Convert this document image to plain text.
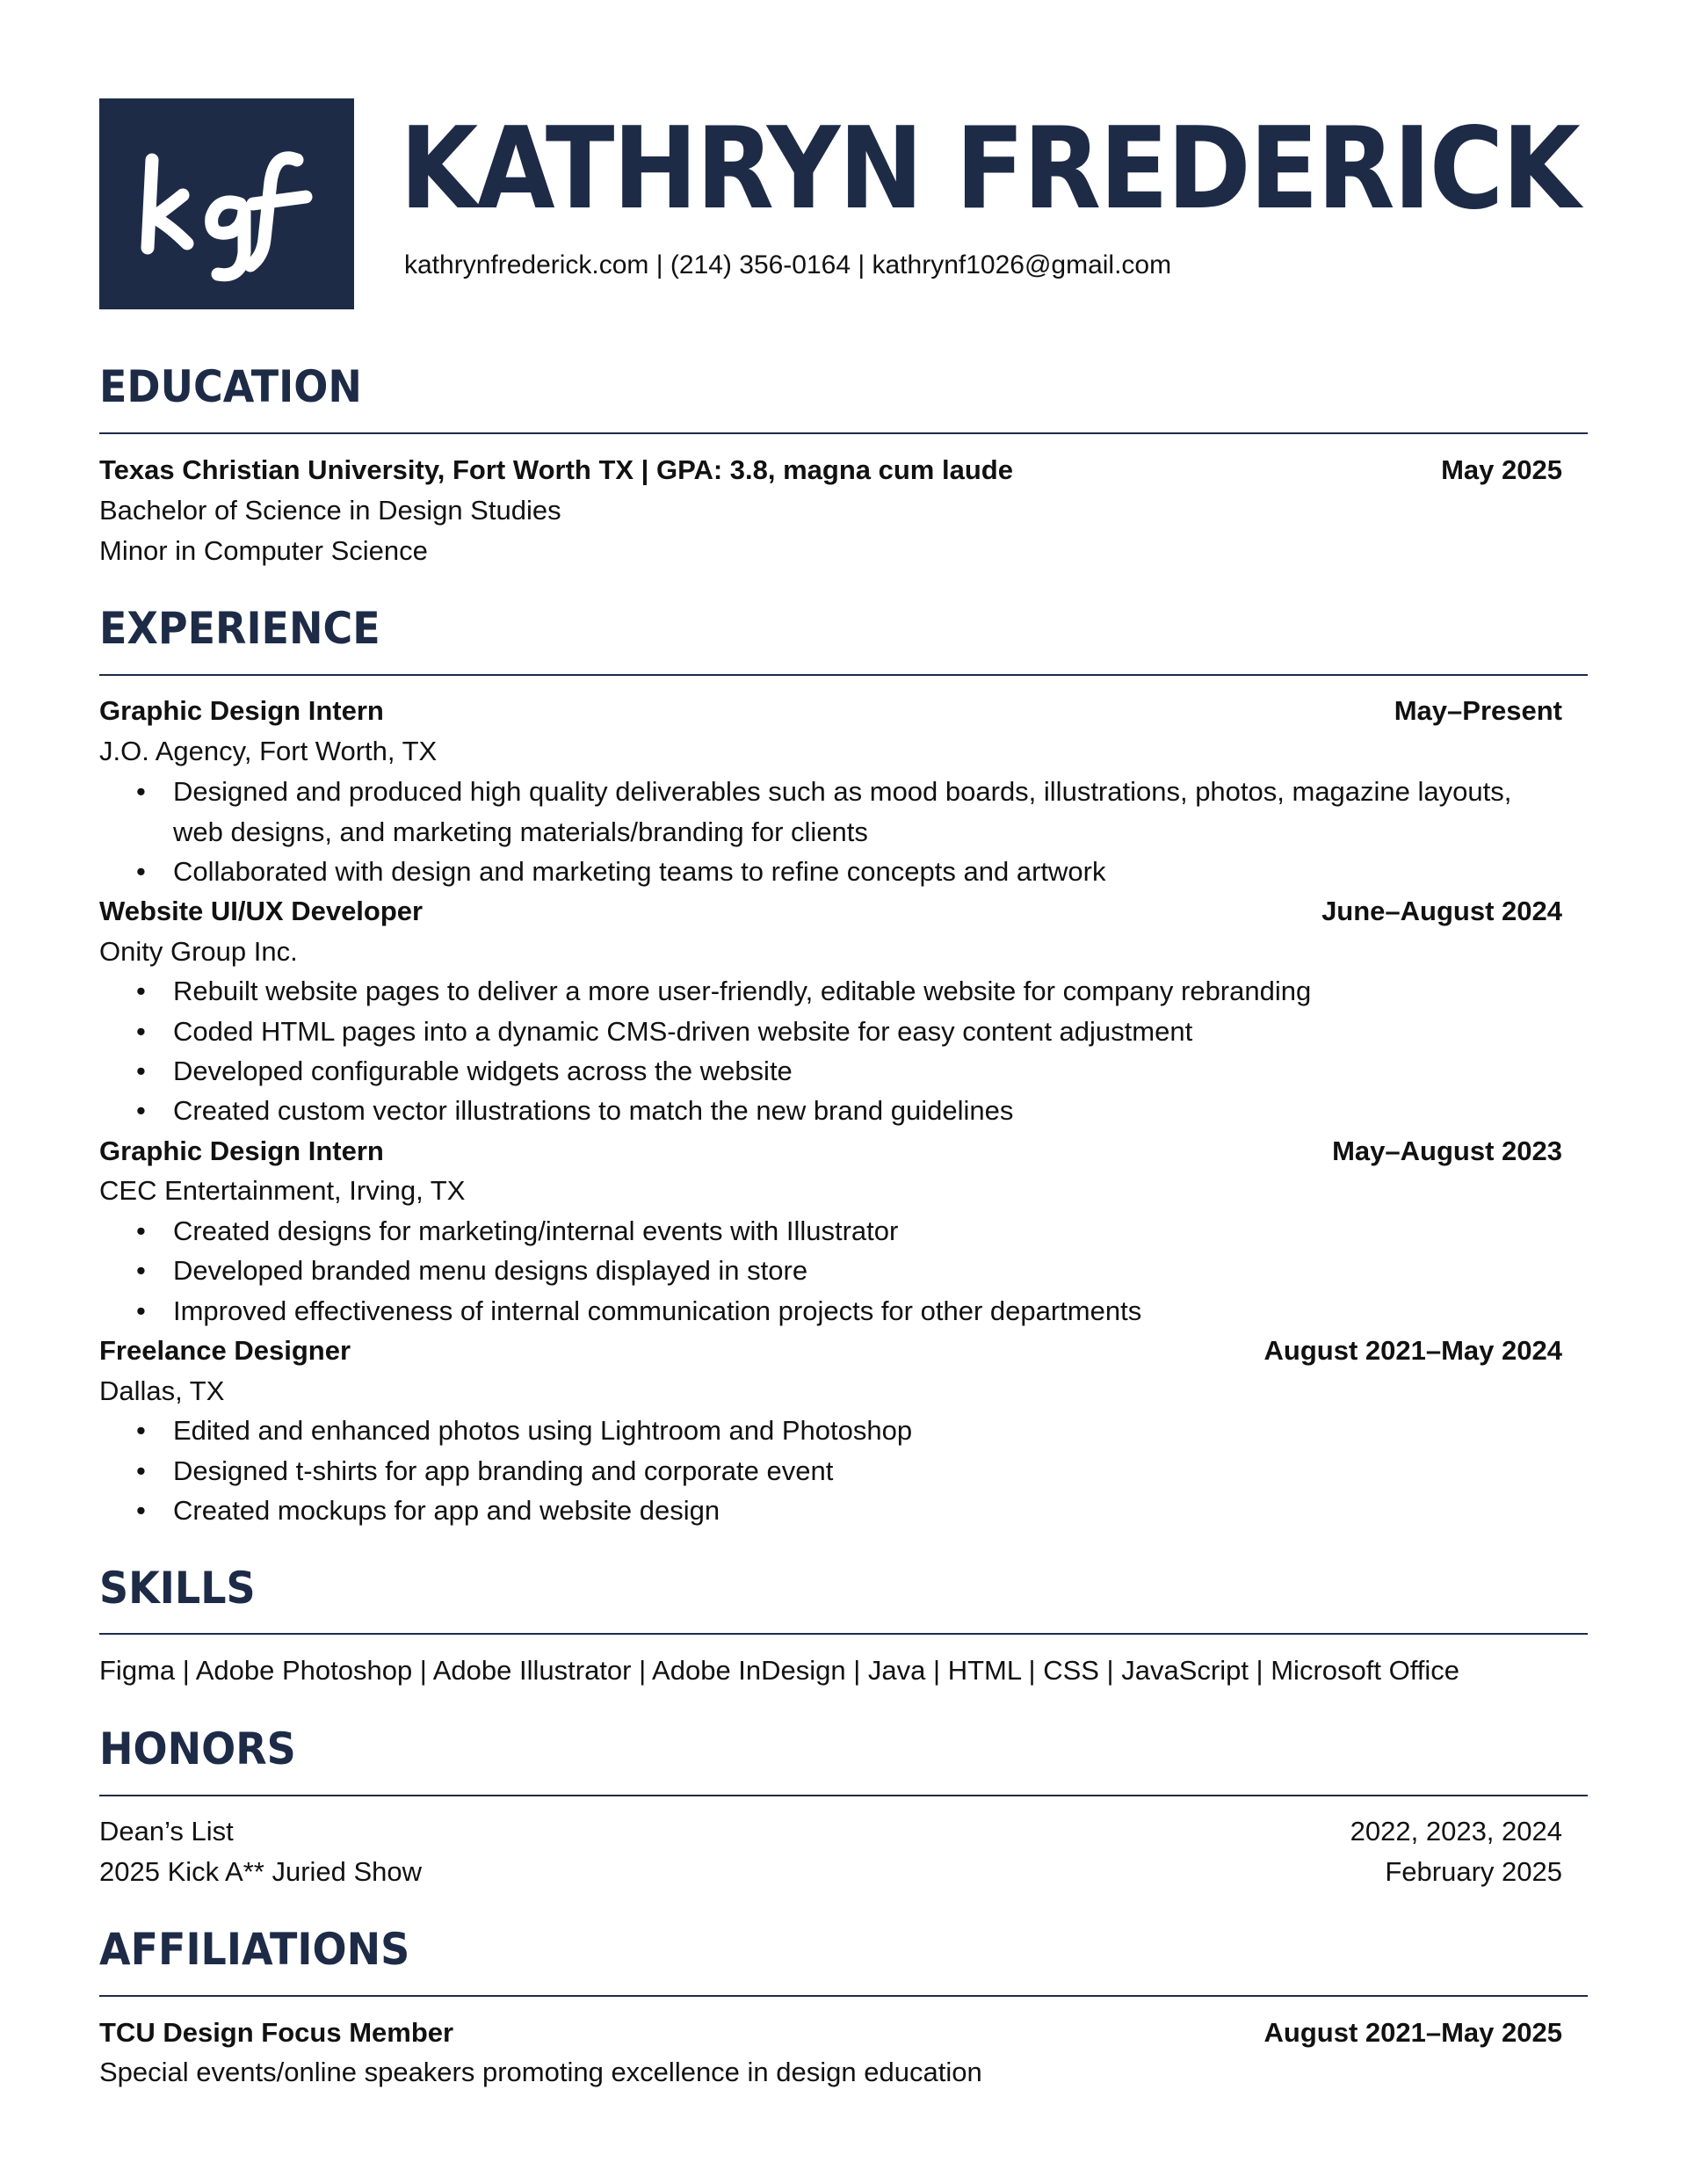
KATHRYN FREDERICK
kathrynfrederick.com | (214) 356-0164 | kathrynf1026@gmail.com
EDUCATION
Texas Christian University, Fort Worth TX | GPA: 3.8, magna cum laude	May 2025
Bachelor of Science in Design Studies
Minor in Computer Science
EXPERIENCE
Graphic Design Intern	May–Present
J.O. Agency, Fort Worth, TX
• Designed and produced high quality deliverables such as mood boards, illustrations, photos, magazine layouts, web designs, and marketing materials/branding for clients
• Collaborated with design and marketing teams to refine concepts and artwork
Website UI/UX Developer	June–August 2024
Onity Group Inc.
• Rebuilt website pages to deliver a more user-friendly, editable website for company rebranding
• Coded HTML pages into a dynamic CMS-driven website for easy content adjustment
• Developed configurable widgets across the website
• Created custom vector illustrations to match the new brand guidelines
Graphic Design Intern	May–August 2023
CEC Entertainment, Irving, TX
• Created designs for marketing/internal events with Illustrator
• Developed branded menu designs displayed in store
• Improved effectiveness of internal communication projects for other departments
Freelance Designer	August 2021–May 2024
Dallas, TX
• Edited and enhanced photos using Lightroom and Photoshop
• Designed t-shirts for app branding and corporate event
• Created mockups for app and website design
SKILLS
Figma | Adobe Photoshop | Adobe Illustrator | Adobe InDesign | Java | HTML | CSS | JavaScript | Microsoft Office
HONORS
Dean’s List	2022, 2023, 2024
2025 Kick A** Juried Show	February 2025
AFFILIATIONS
TCU Design Focus Member	August 2021–May 2025
Special events/online speakers promoting excellence in design education
